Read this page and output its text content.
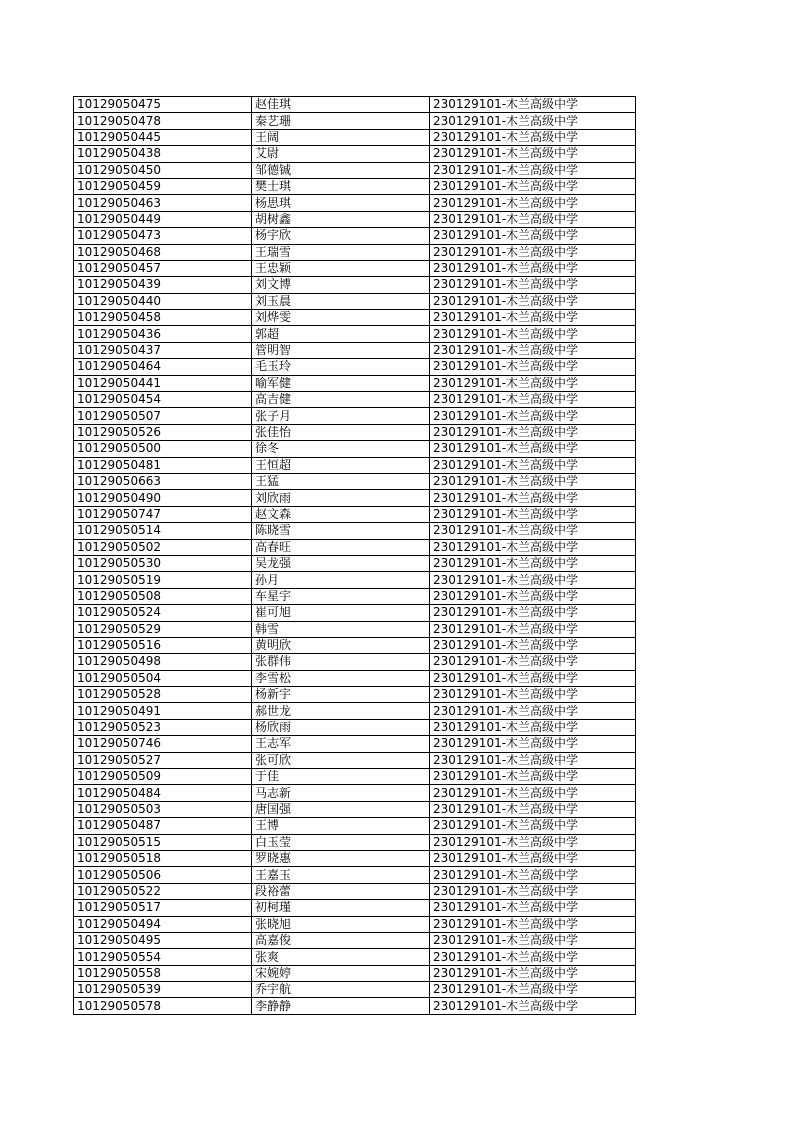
10129050475	赵佳琪	230129101-木兰高级中学
10129050478	秦艺珊	230129101-木兰高级中学
10129050445	王阔	230129101-木兰高级中学
10129050438	艾尉	230129101-木兰高级中学
10129050450	邹德铖	230129101-木兰高级中学
10129050459	樊士琪	230129101-木兰高级中学
10129050463	杨思琪	230129101-木兰高级中学
10129050449	胡树鑫	230129101-木兰高级中学
10129050473	杨宇欣	230129101-木兰高级中学
10129050468	王瑞雪	230129101-木兰高级中学
10129050457	王忠颖	230129101-木兰高级中学
10129050439	刘文博	230129101-木兰高级中学
10129050440	刘玉晨	230129101-木兰高级中学
10129050458	刘烨雯	230129101-木兰高级中学
10129050436	郭超	230129101-木兰高级中学
10129050437	管明智	230129101-木兰高级中学
10129050464	毛玉玲	230129101-木兰高级中学
10129050441	喻军健	230129101-木兰高级中学
10129050454	高吉健	230129101-木兰高级中学
10129050507	张子月	230129101-木兰高级中学
10129050526	张佳怡	230129101-木兰高级中学
10129050500	徐冬	230129101-木兰高级中学
10129050481	王恒超	230129101-木兰高级中学
10129050663	王猛	230129101-木兰高级中学
10129050490	刘欣雨	230129101-木兰高级中学
10129050747	赵文森	230129101-木兰高级中学
10129050514	陈晓雪	230129101-木兰高级中学
10129050502	高春旺	230129101-木兰高级中学
10129050530	吴龙强	230129101-木兰高级中学
10129050519	孙月	230129101-木兰高级中学
10129050508	车星宇	230129101-木兰高级中学
10129050524	崔可旭	230129101-木兰高级中学
10129050529	韩雪	230129101-木兰高级中学
10129050516	黄明欣	230129101-木兰高级中学
10129050498	张群伟	230129101-木兰高级中学
10129050504	李雪松	230129101-木兰高级中学
10129050528	杨新宇	230129101-木兰高级中学
10129050491	郝世龙	230129101-木兰高级中学
10129050523	杨欣雨	230129101-木兰高级中学
10129050746	王志军	230129101-木兰高级中学
10129050527	张可欣	230129101-木兰高级中学
10129050509	于佳	230129101-木兰高级中学
10129050484	马志新	230129101-木兰高级中学
10129050503	唐国强	230129101-木兰高级中学
10129050487	王博	230129101-木兰高级中学
10129050515	白玉莹	230129101-木兰高级中学
10129050518	罗晓惠	230129101-木兰高级中学
10129050506	王嘉玉	230129101-木兰高级中学
10129050522	段裕蕾	230129101-木兰高级中学
10129050517	初柯瑾	230129101-木兰高级中学
10129050494	张晓旭	230129101-木兰高级中学
10129050495	高嘉俊	230129101-木兰高级中学
10129050554	张爽	230129101-木兰高级中学
10129050558	宋婉婷	230129101-木兰高级中学
10129050539	乔宇航	230129101-木兰高级中学
10129050578	李静静	230129101-木兰高级中学
